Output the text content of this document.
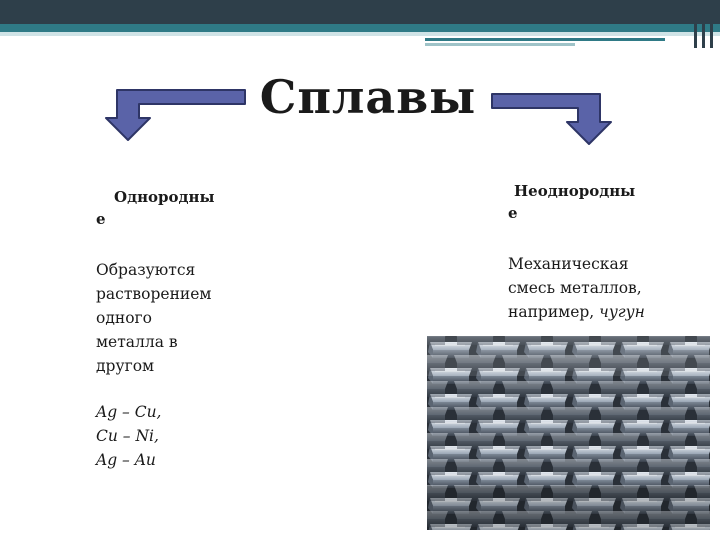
Сплавы
Однородны
е
Образуются
растворением
одного
металла в
другом
Ag – Cu,
Cu – Ni,
Ag – Au
Неоднородны
е
Механическая
смесь металлов,
например, чугун
